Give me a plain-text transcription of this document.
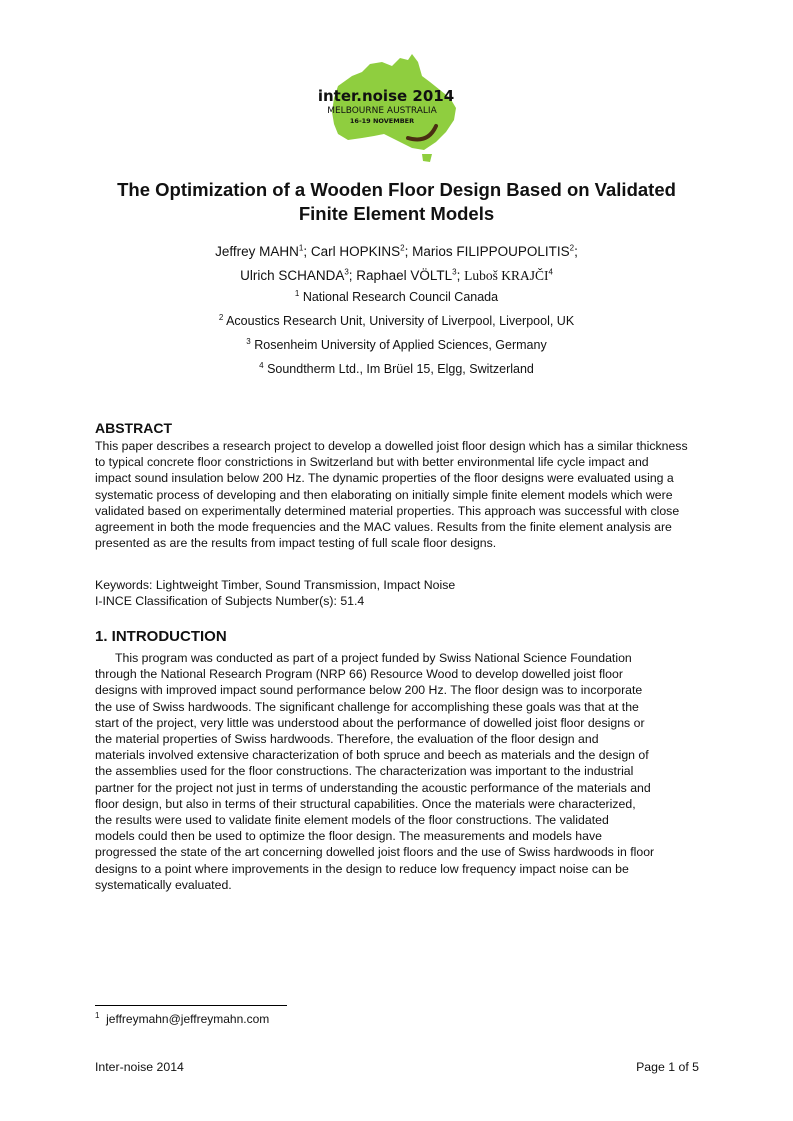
inter.noise 2014
MELBOURNE AUSTRALIA
16-19 NOVEMBER
The Optimization of a Wooden Floor Design Based on Validated
Finite Element Models
Jeffrey MAHN$^1$; Carl HOPKINS$^2$; Marios FILIPPOUPOLITIS$^2$;
Ulrich SCHANDA$^3$; Raphael VÖLTL$^3$; Luboš KRAJČI$^4$
$^1$ National Research Council Canada
$^2$ Acoustics Research Unit, University of Liverpool, Liverpool, UK
$^3$ Rosenheim University of Applied Sciences, Germany
$^4$ Soundtherm Ltd., Im Brüel 15, Elgg, Switzerland
ABSTRACT
This paper describes a research project to develop a dowelled joist floor design which has a similar thickness
to typical concrete floor constrictions in Switzerland but with better environmental life cycle impact and
impact sound insulation below 200 Hz. The dynamic properties of the floor designs were evaluated using a
systematic process of developing and then elaborating on initially simple finite element models which were
validated based on experimentally determined material properties. This approach was successful with close
agreement in both the mode frequencies and the MAC values. Results from the finite element analysis are
presented as are the results from impact testing of full scale floor designs.
Keywords: Lightweight Timber, Sound Transmission, Impact Noise
I-INCE Classification of Subjects Number(s): 51.4
1. INTRODUCTION
This program was conducted as part of a project funded by Swiss National Science Foundation
through the National Research Program (NRP 66) Resource Wood to develop dowelled joist floor
designs with improved impact sound performance below 200 Hz. The floor design was to incorporate
the use of Swiss hardwoods. The significant challenge for accomplishing these goals was that at the
start of the project, very little was understood about the performance of dowelled joist floor designs or
the material properties of Swiss hardwoods. Therefore, the evaluation of the floor design and
materials involved extensive characterization of both spruce and beech as materials and the design of
the assemblies used for the floor constructions. The characterization was important to the industrial
partner for the project not just in terms of understanding the acoustic performance of the materials and
floor design, but also in terms of their structural capabilities. Once the materials were characterized,
the results were used to validate finite element models of the floor constructions. The validated
models could then be used to optimize the floor design. The measurements and models have
progressed the state of the art concerning dowelled joist floors and the use of Swiss hardwoods in floor
designs to a point where improvements in the design to reduce low frequency impact noise can be
systematically evaluated.
$^1$ jeffreymahn@jeffreymahn.com
Inter-noise 2014	Page 1 of 5
